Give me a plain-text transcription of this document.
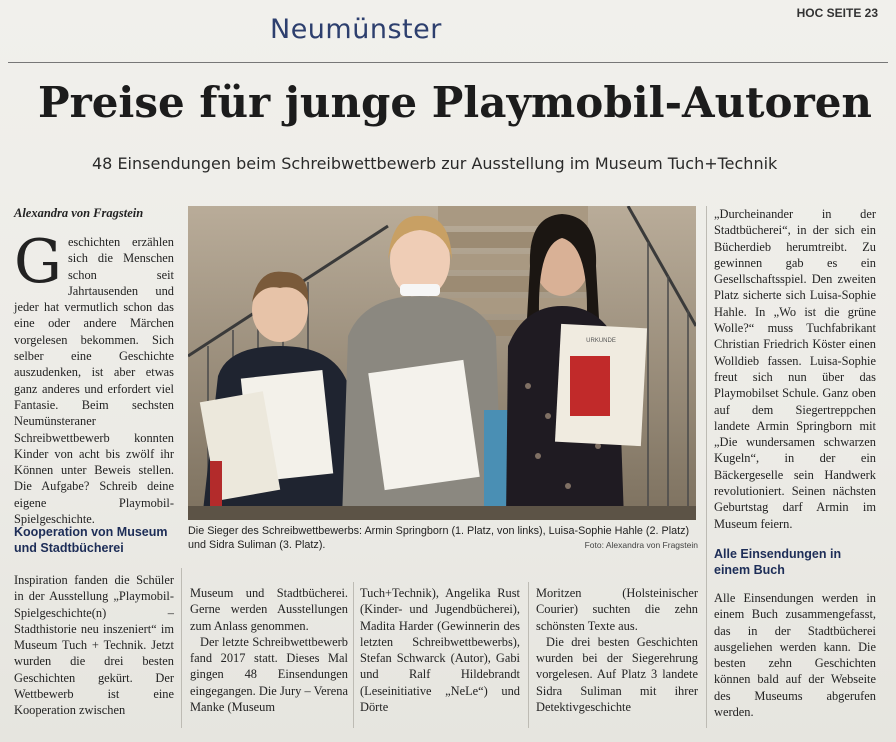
Neumünster
HOC SEITE 23
Preise für junge Playmobil-Autoren
48 Einsendungen beim Schreibwettbewerb zur Ausstellung im Museum Tuch+Technik
Alexandra von Fragstein
G eschichten erzählen sich die Menschen schon seit Jahrtausenden und jeder hat vermutlich schon das eine oder andere Märchen vorgelesen bekommen. Sich selber eine Geschichte auszudenken, ist aber etwas ganz anderes und erfordert viel Fantasie. Beim sechsten Neumünsteraner Schreibwettbewerb konnten Kinder von acht bis zwölf ihr Können unter Beweis stellen. Die Aufgabe? Schreib deine eigene Playmobil-Spielgeschichte.
Kooperation von Museum und Stadtbücherei
Inspiration fanden die Schüler in der Ausstellung „Playmobil-Spielgeschichte(n) – Stadthistorie neu inszeniert“ im Museum Tuch + Technik. Jetzt wurden die drei besten Geschichten gekürt. Der Wettbewerb ist eine Kooperation zwischen

Museum und Stadtbücherei. Gerne werden Ausstellungen zum Anlass genommen.

Der letzte Schreibwettbewerb fand 2017 statt. Dieses Mal gingen 48 Einsendungen eingegangen. Die Jury – Verena Manke (Museum

Tuch+Technik), Angelika Rust (Kinder- und Jugendbücherei), Madita Harder (Gewinnerin des letzten Schreibwettbewerbs), Stefan Schwarck (Autor), Gabi und Ralf Hildebrandt (Leseinitiative „NeLe“) und Dörte

Moritzen (Holsteinischer Courier) suchten die zehn schönsten Texte aus.

Die drei besten Geschichten wurden bei der Siegerehrung vorgelesen. Auf Platz 3 landete Sidra Suliman mit ihrer Detektivgeschichte

„Durcheinander in der Stadtbücherei“, in der sich ein Bücherdieb herumtreibt. Zu gewinnen gab es ein Gesellschaftsspiel. Den zweiten Platz sicherte sich Luisa-Sophie Hahle. In „Wo ist die grüne Wolle?“ muss Tuchfabrikant Christian Friedrich Köster einen Wolldieb fassen. Luisa-Sophie freut sich nun über das Playmobilset Schule. Ganz oben auf dem Siegertreppchen landete Armin Springborn mit „Die wundersamen schwarzen Kugeln“, in der ein Bäckergeselle sein Handwerk revolutioniert. Seinen nächsten Geburtstag darf Armin im Museum feiern.
Alle Einsendungen in einem Buch
Alle Einsendungen werden in einem Buch zusammengefasst, das in der Stadtbücherei ausgeliehen werden kann. Die besten zehn Geschichten können bald auf der Webseite des Museums abgerufen werden.
URKUNDE
Die Sieger des Schreibwettbewerbs: Armin Springborn (1. Platz, von links), Luisa-Sophie Hahle (2. Platz) und Sidra Suliman (3. Platz).	Foto: Alexandra von Fragstein
